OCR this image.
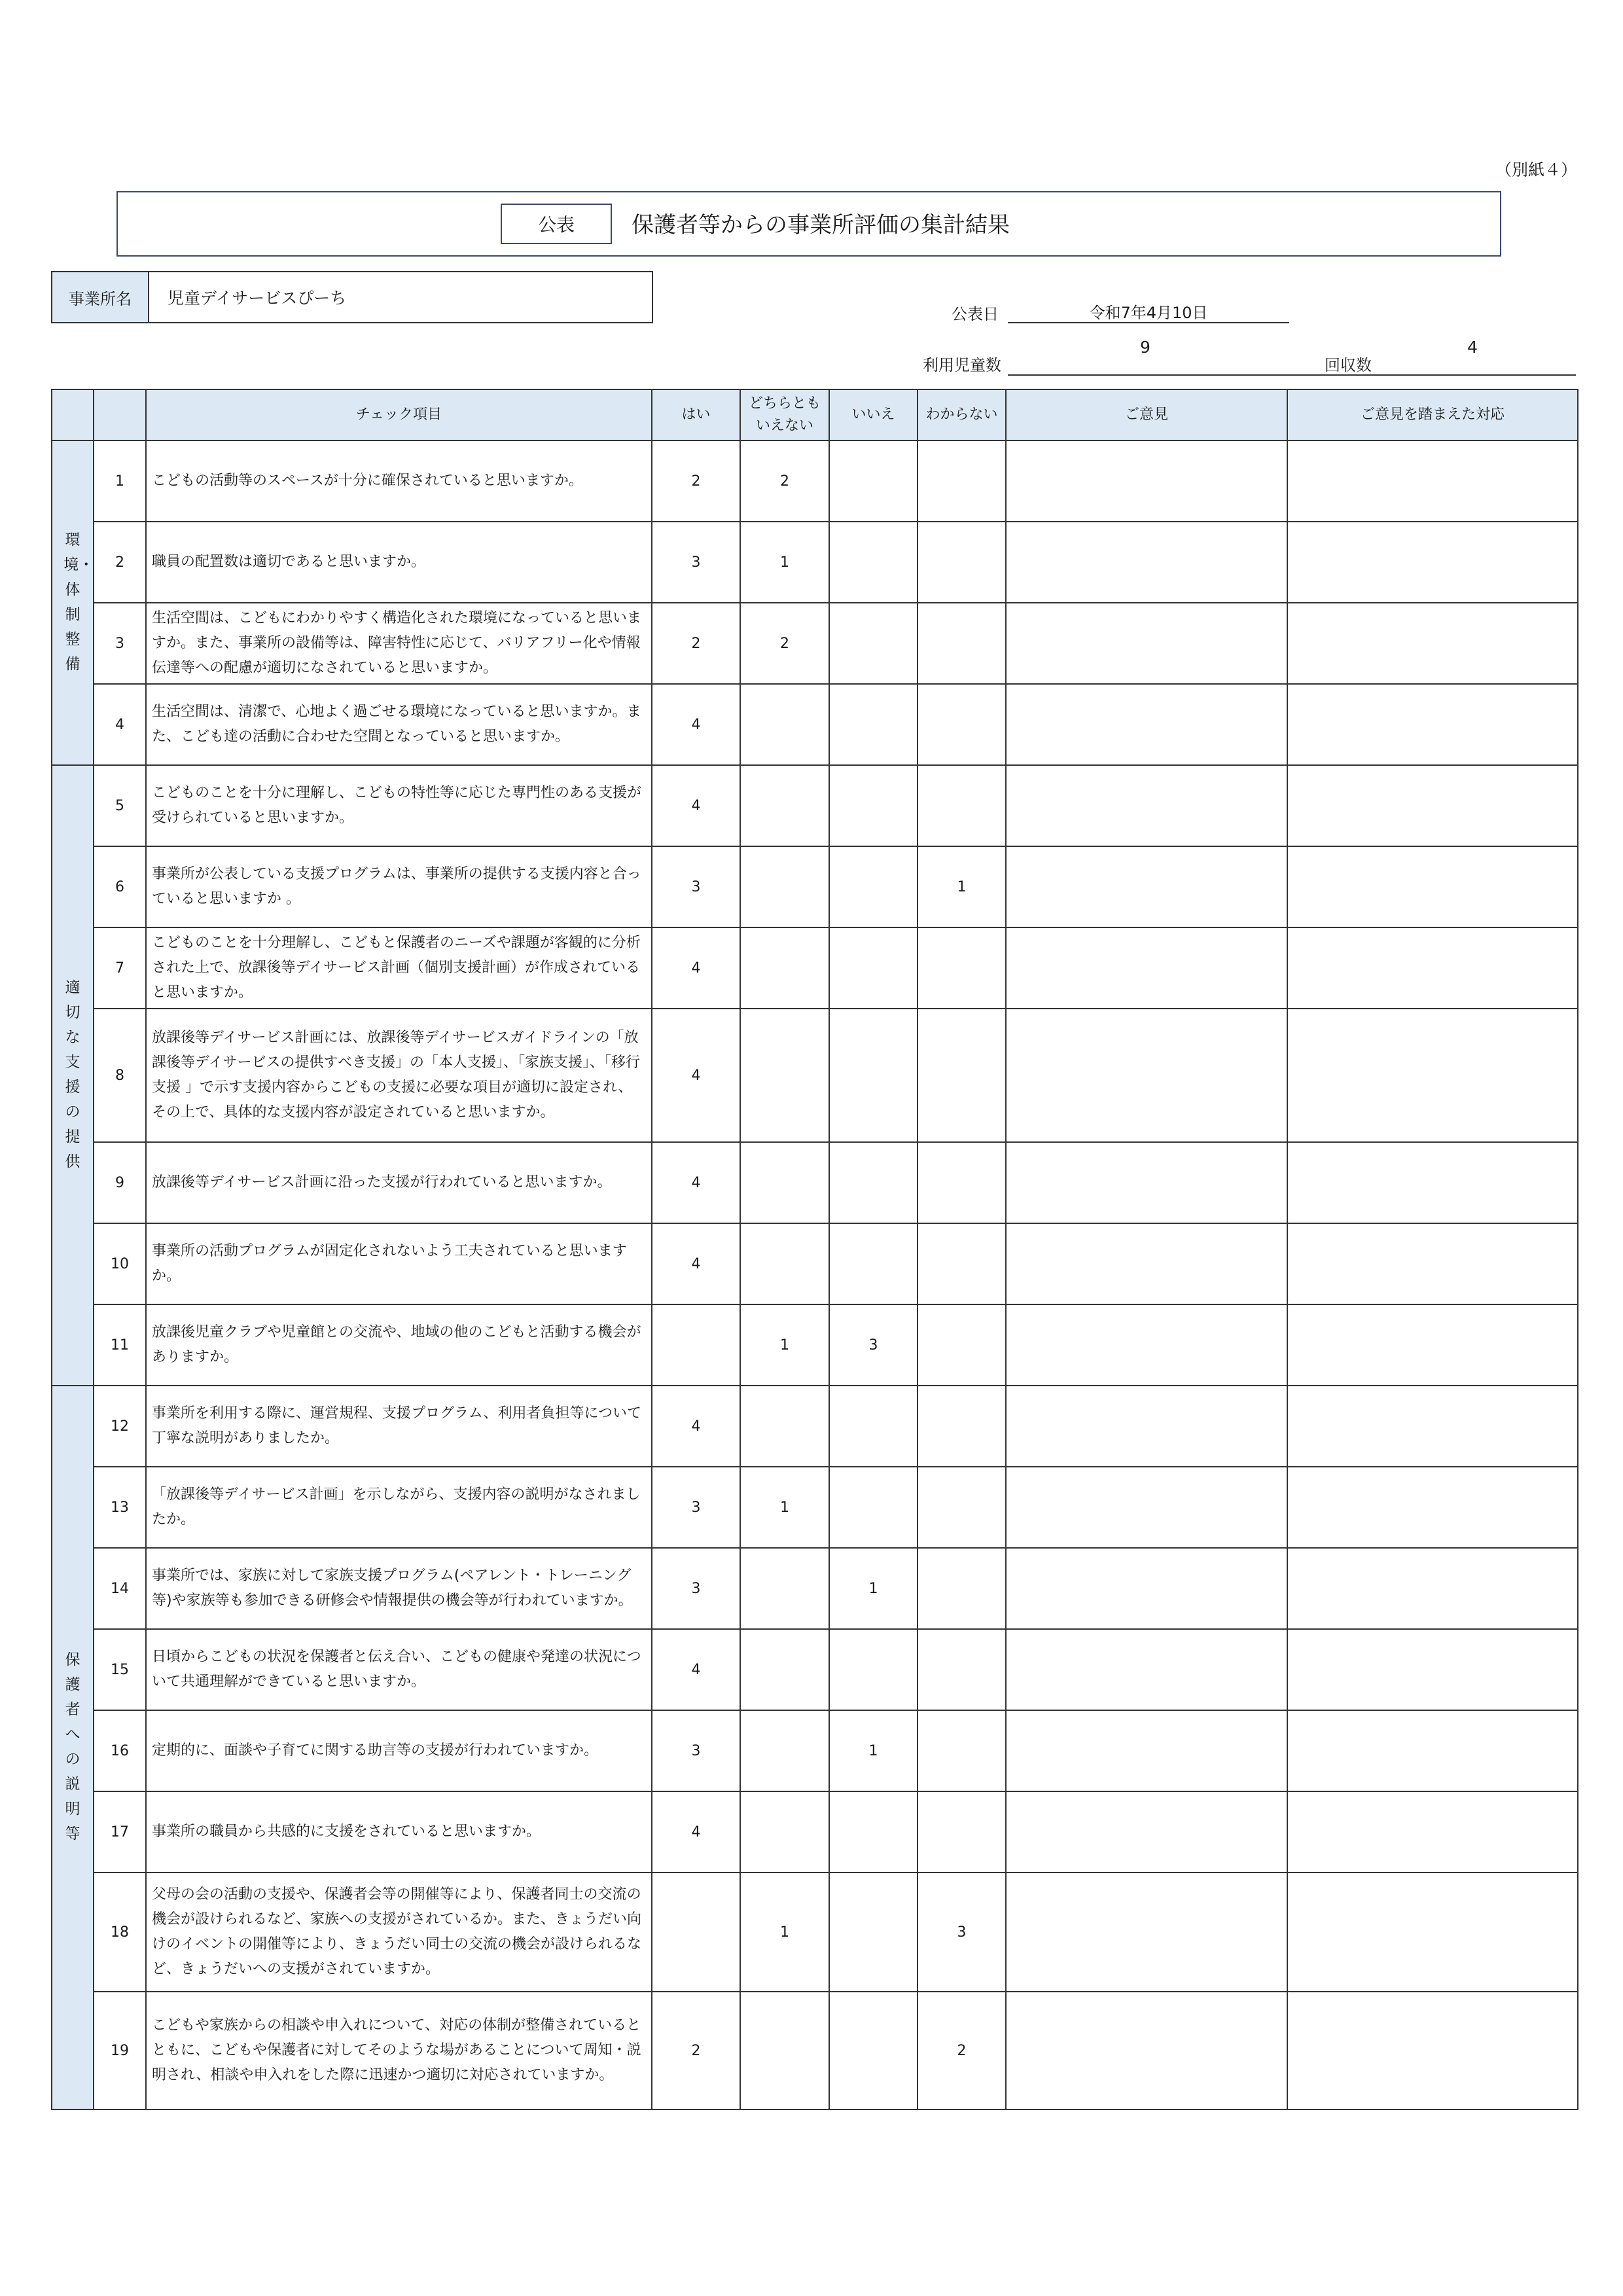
（別紙４）
公表	保護者等からの事業所評価の集計結果
事業所名	児童デイサービスぴーち
公表日	令和7年4月10日
利用児童数
9
回収数
4
		チェック項目	はい	どちらとも
いえない	いいえ	わからない	ご意見	ご意見を踏まえた対応
環境・体制整備	1	こどもの活動等のスペースが十分に確保されていると思いますか。	2	2				
	2	職員の配置数は適切であると思いますか。	3	1				
	3	生活空間は、こどもにわかりやすく構造化された環境になっていると思いますか。また、事業所の設備等は、障害特性に応じて、バリアフリー化や情報伝達等への配慮が適切になされていると思いますか。	2	2				
	4	生活空間は、清潔で、心地よく過ごせる環境になっていると思いますか。また、こども達の活動に合わせた空間となっていると思いますか。	4					
適切な支援の提供	5	こどものことを十分に理解し、こどもの特性等に応じた専門性のある支援が受けられていると思いますか。	4					
	6	事業所が公表している支援プログラムは、事業所の提供する支援内容と合っていると思いますか 。	3			1		
	7	こどものことを十分理解し、こどもと保護者のニーズや課題が客観的に分析された上で、放課後等デイサービス計画（個別支援計画）が作成されていると思いますか。	4					
	8	放課後等デイサービス計画には、放課後等デイサービスガイドラインの「放課後等デイサービスの提供すべき支援」の「本人支援」、「家族支援」、「移行支援 」で示す支援内容からこどもの支援に必要な項目が適切に設定され、その上で、具体的な支援内容が設定されていると思いますか。	4					
	9	放課後等デイサービス計画に沿った支援が行われていると思いますか。	4					
	10	事業所の活動プログラムが固定化されないよう工夫されていると思いますか。	4					
	11	放課後児童クラブや児童館との交流や、地域の他のこどもと活動する機会がありますか。		1	3			
保護者への説明等	12	事業所を利用する際に、運営規程、支援プログラム、利用者負担等について丁寧な説明がありましたか。	4					
	13	「放課後等デイサービス計画」を示しながら、支援内容の説明がなされましたか。	3	1				
	14	事業所では、家族に対して家族支援プログラム(ペアレント・トレーニング等)や家族等も参加できる研修会や情報提供の機会等が行われていますか。	3		1			
	15	日頃からこどもの状況を保護者と伝え合い、こどもの健康や発達の状況について共通理解ができていると思いますか。	4					
	16	定期的に、面談や子育てに関する助言等の支援が行われていますか。	3		1			
	17	事業所の職員から共感的に支援をされていると思いますか。	4					
	18	父母の会の活動の支援や、保護者会等の開催等により、保護者同士の交流の機会が設けられるなど、家族への支援がされているか。また、きょうだい向けのイベントの開催等により、きょうだい同士の交流の機会が設けられるなど、きょうだいへの支援がされていますか。		1		3		
	19	こどもや家族からの相談や申入れについて、対応の体制が整備されているとともに、こどもや保護者に対してそのような場があることについて周知・説明され、相談や申入れをした際に迅速かつ適切に対応されていますか。	2			2		
